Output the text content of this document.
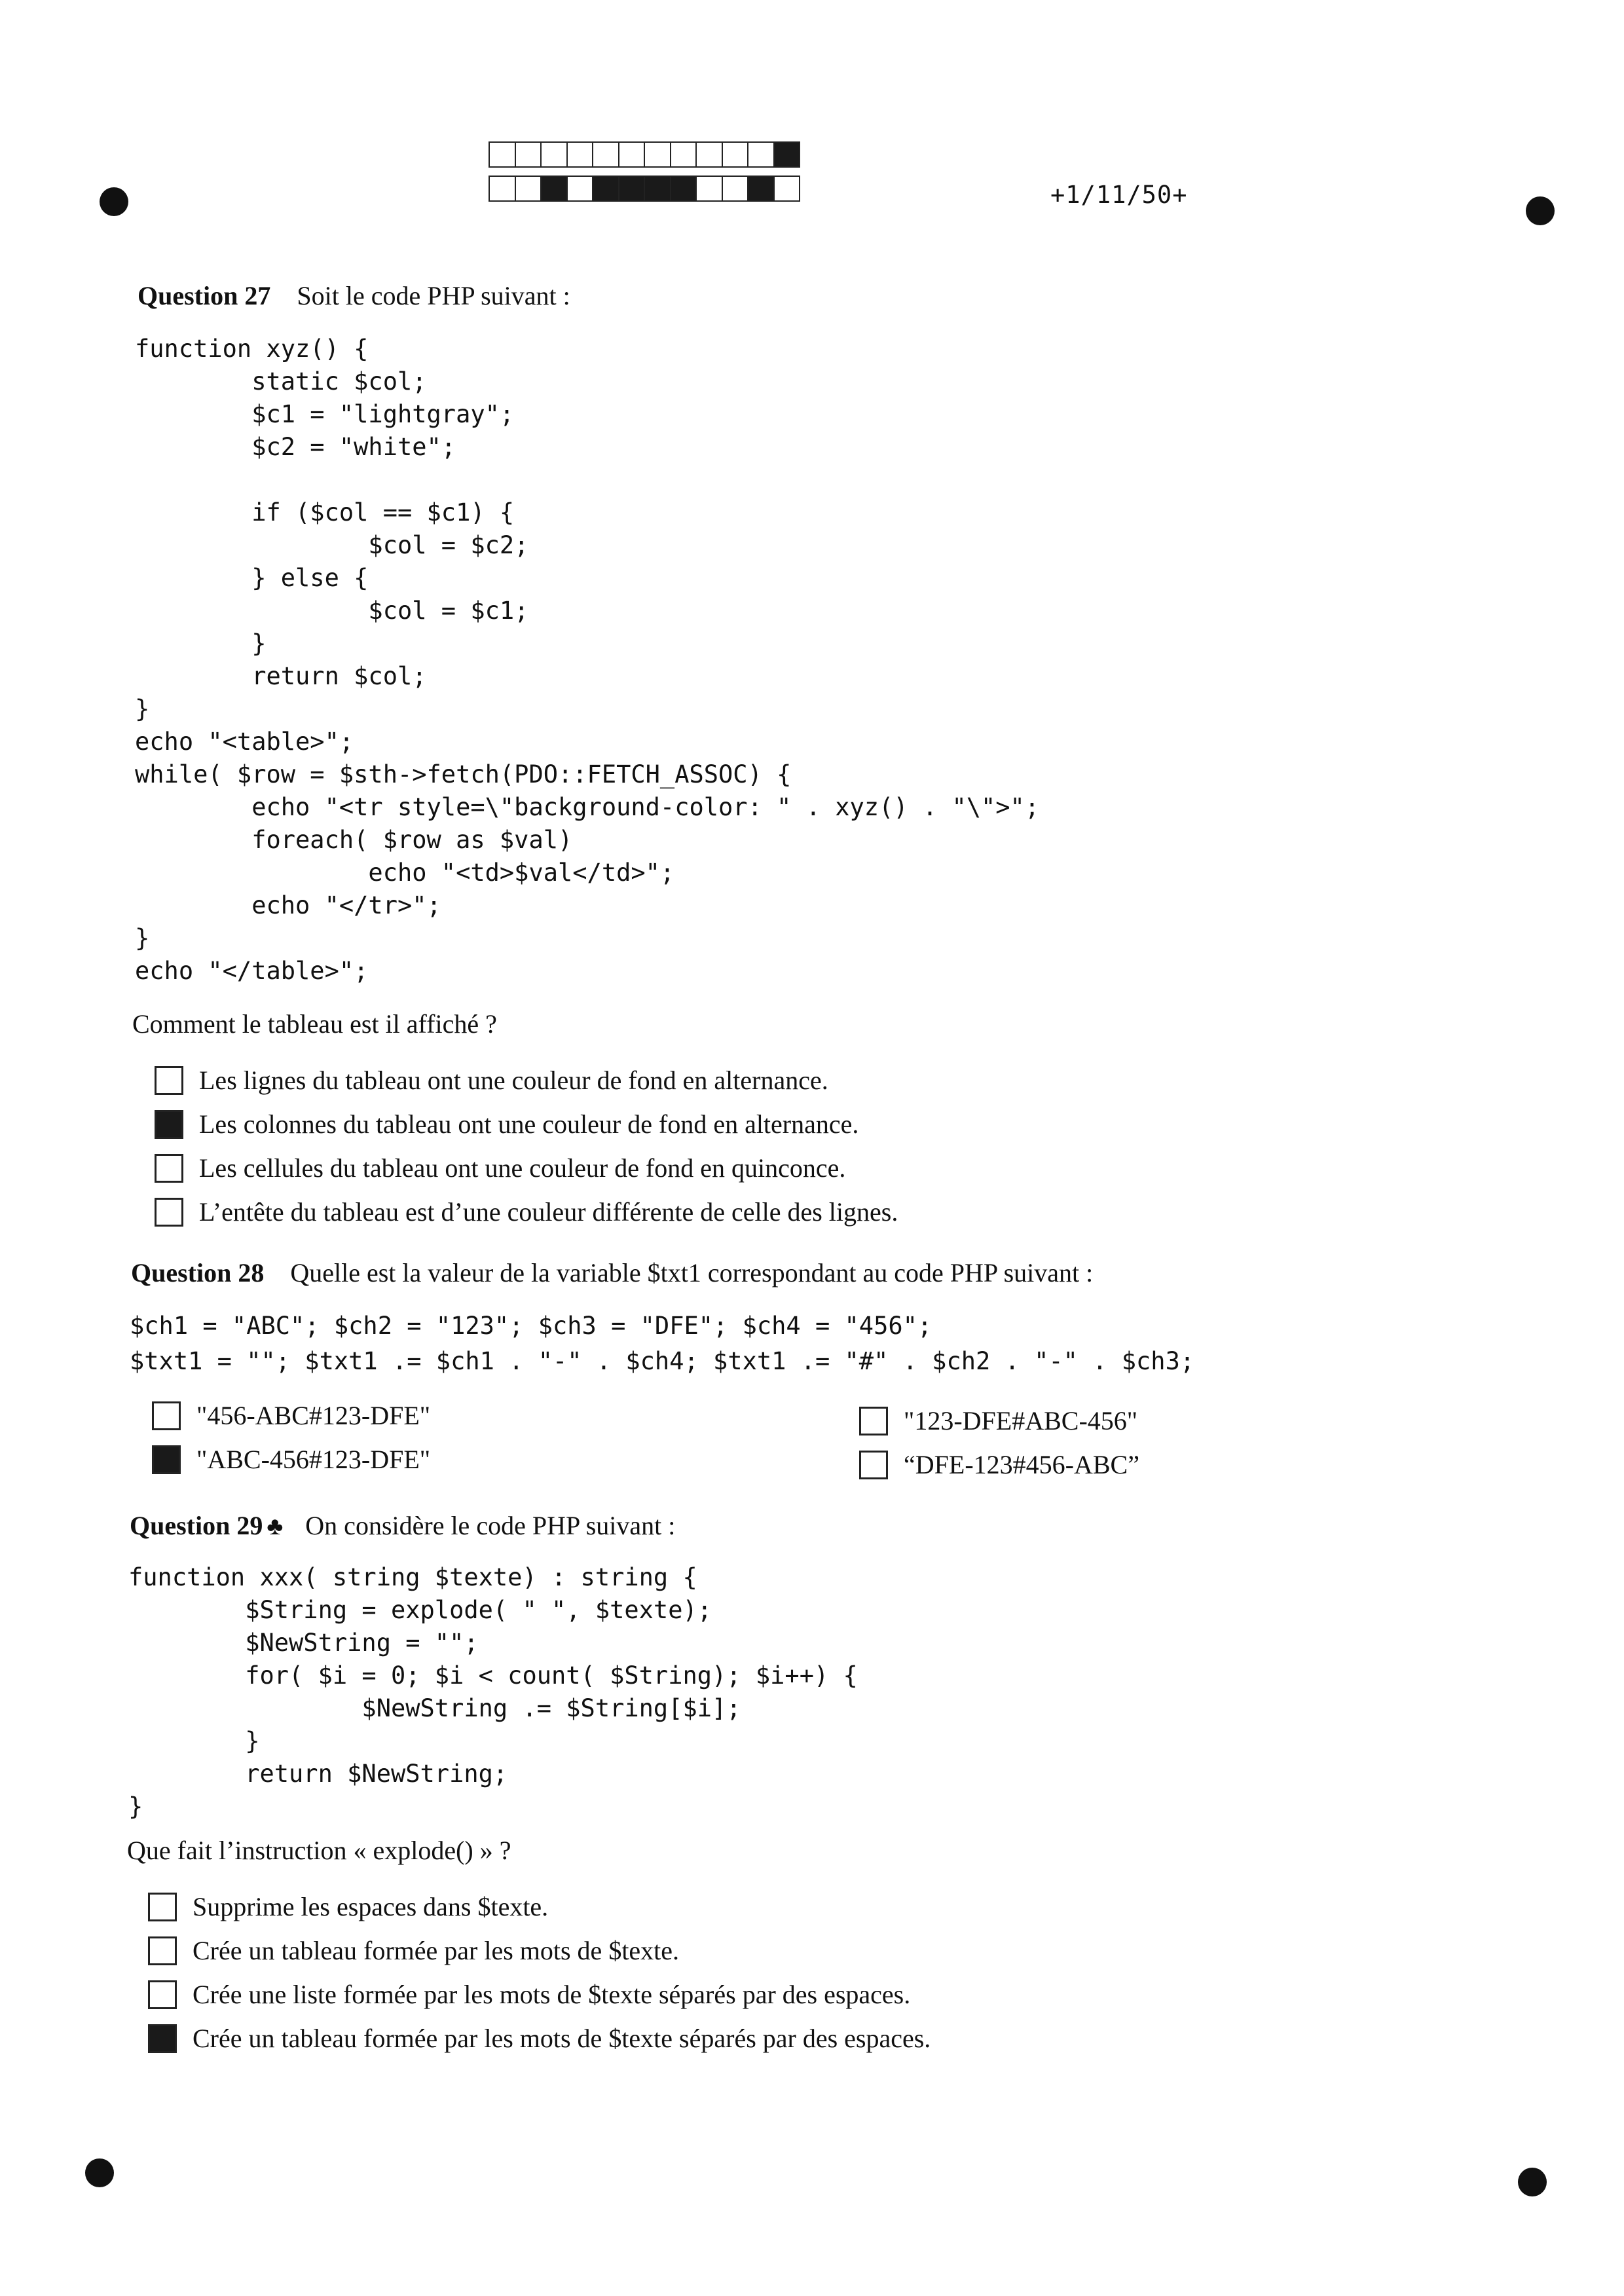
+1/11/50+
Question 27 Soit le code PHP suivant :
function xyz() {
static $col;
$c1 = "lightgray";
$c2 = "white";

if ($col == $c1) {
$col = $c2;
} else {
$col = $c1;
}
return $col;
}
echo "<table>";
while( $row = $sth->fetch(PDO::FETCH_ASSOC) {
echo "<tr style=\"background-color: " . xyz() . "\">";
foreach( $row as $val)
echo "<td>$val</td>";
echo "</tr>";
}
echo "</table>";
Comment le tableau est il affiché ?
Les lignes du tableau ont une couleur de fond en alternance.
Les colonnes du tableau ont une couleur de fond en alternance.
Les cellules du tableau ont une couleur de fond en quinconce.
L’entête du tableau est d’une couleur différente de celle des lignes.
Question 28 Quelle est la valeur de la variable $txt1 correspondant au code PHP suivant :
$ch1 = "ABC"; $ch2 = "123"; $ch3 = "DFE"; $ch4 = "456";
$txt1 = ""; $txt1 .= $ch1 . "-" . $ch4; $txt1 .= "#" . $ch2 . "-" . $ch3;
"456-ABC#123-DFE"
"ABC-456#123-DFE"
"123-DFE#ABC-456"
“DFE-123#456-ABC”
Question 29 ♣ On considère le code PHP suivant :
function xxx( string $texte) : string {
$String = explode( " ", $texte);
$NewString = "";
for( $i = 0; $i < count( $String); $i++) {
$NewString .= $String[$i];
}
return $NewString;
}
Que fait l’instruction « explode() » ?
Supprime les espaces dans $texte.
Crée un tableau formée par les mots de $texte.
Crée une liste formée par les mots de $texte séparés par des espaces.
Crée un tableau formée par les mots de $texte séparés par des espaces.
